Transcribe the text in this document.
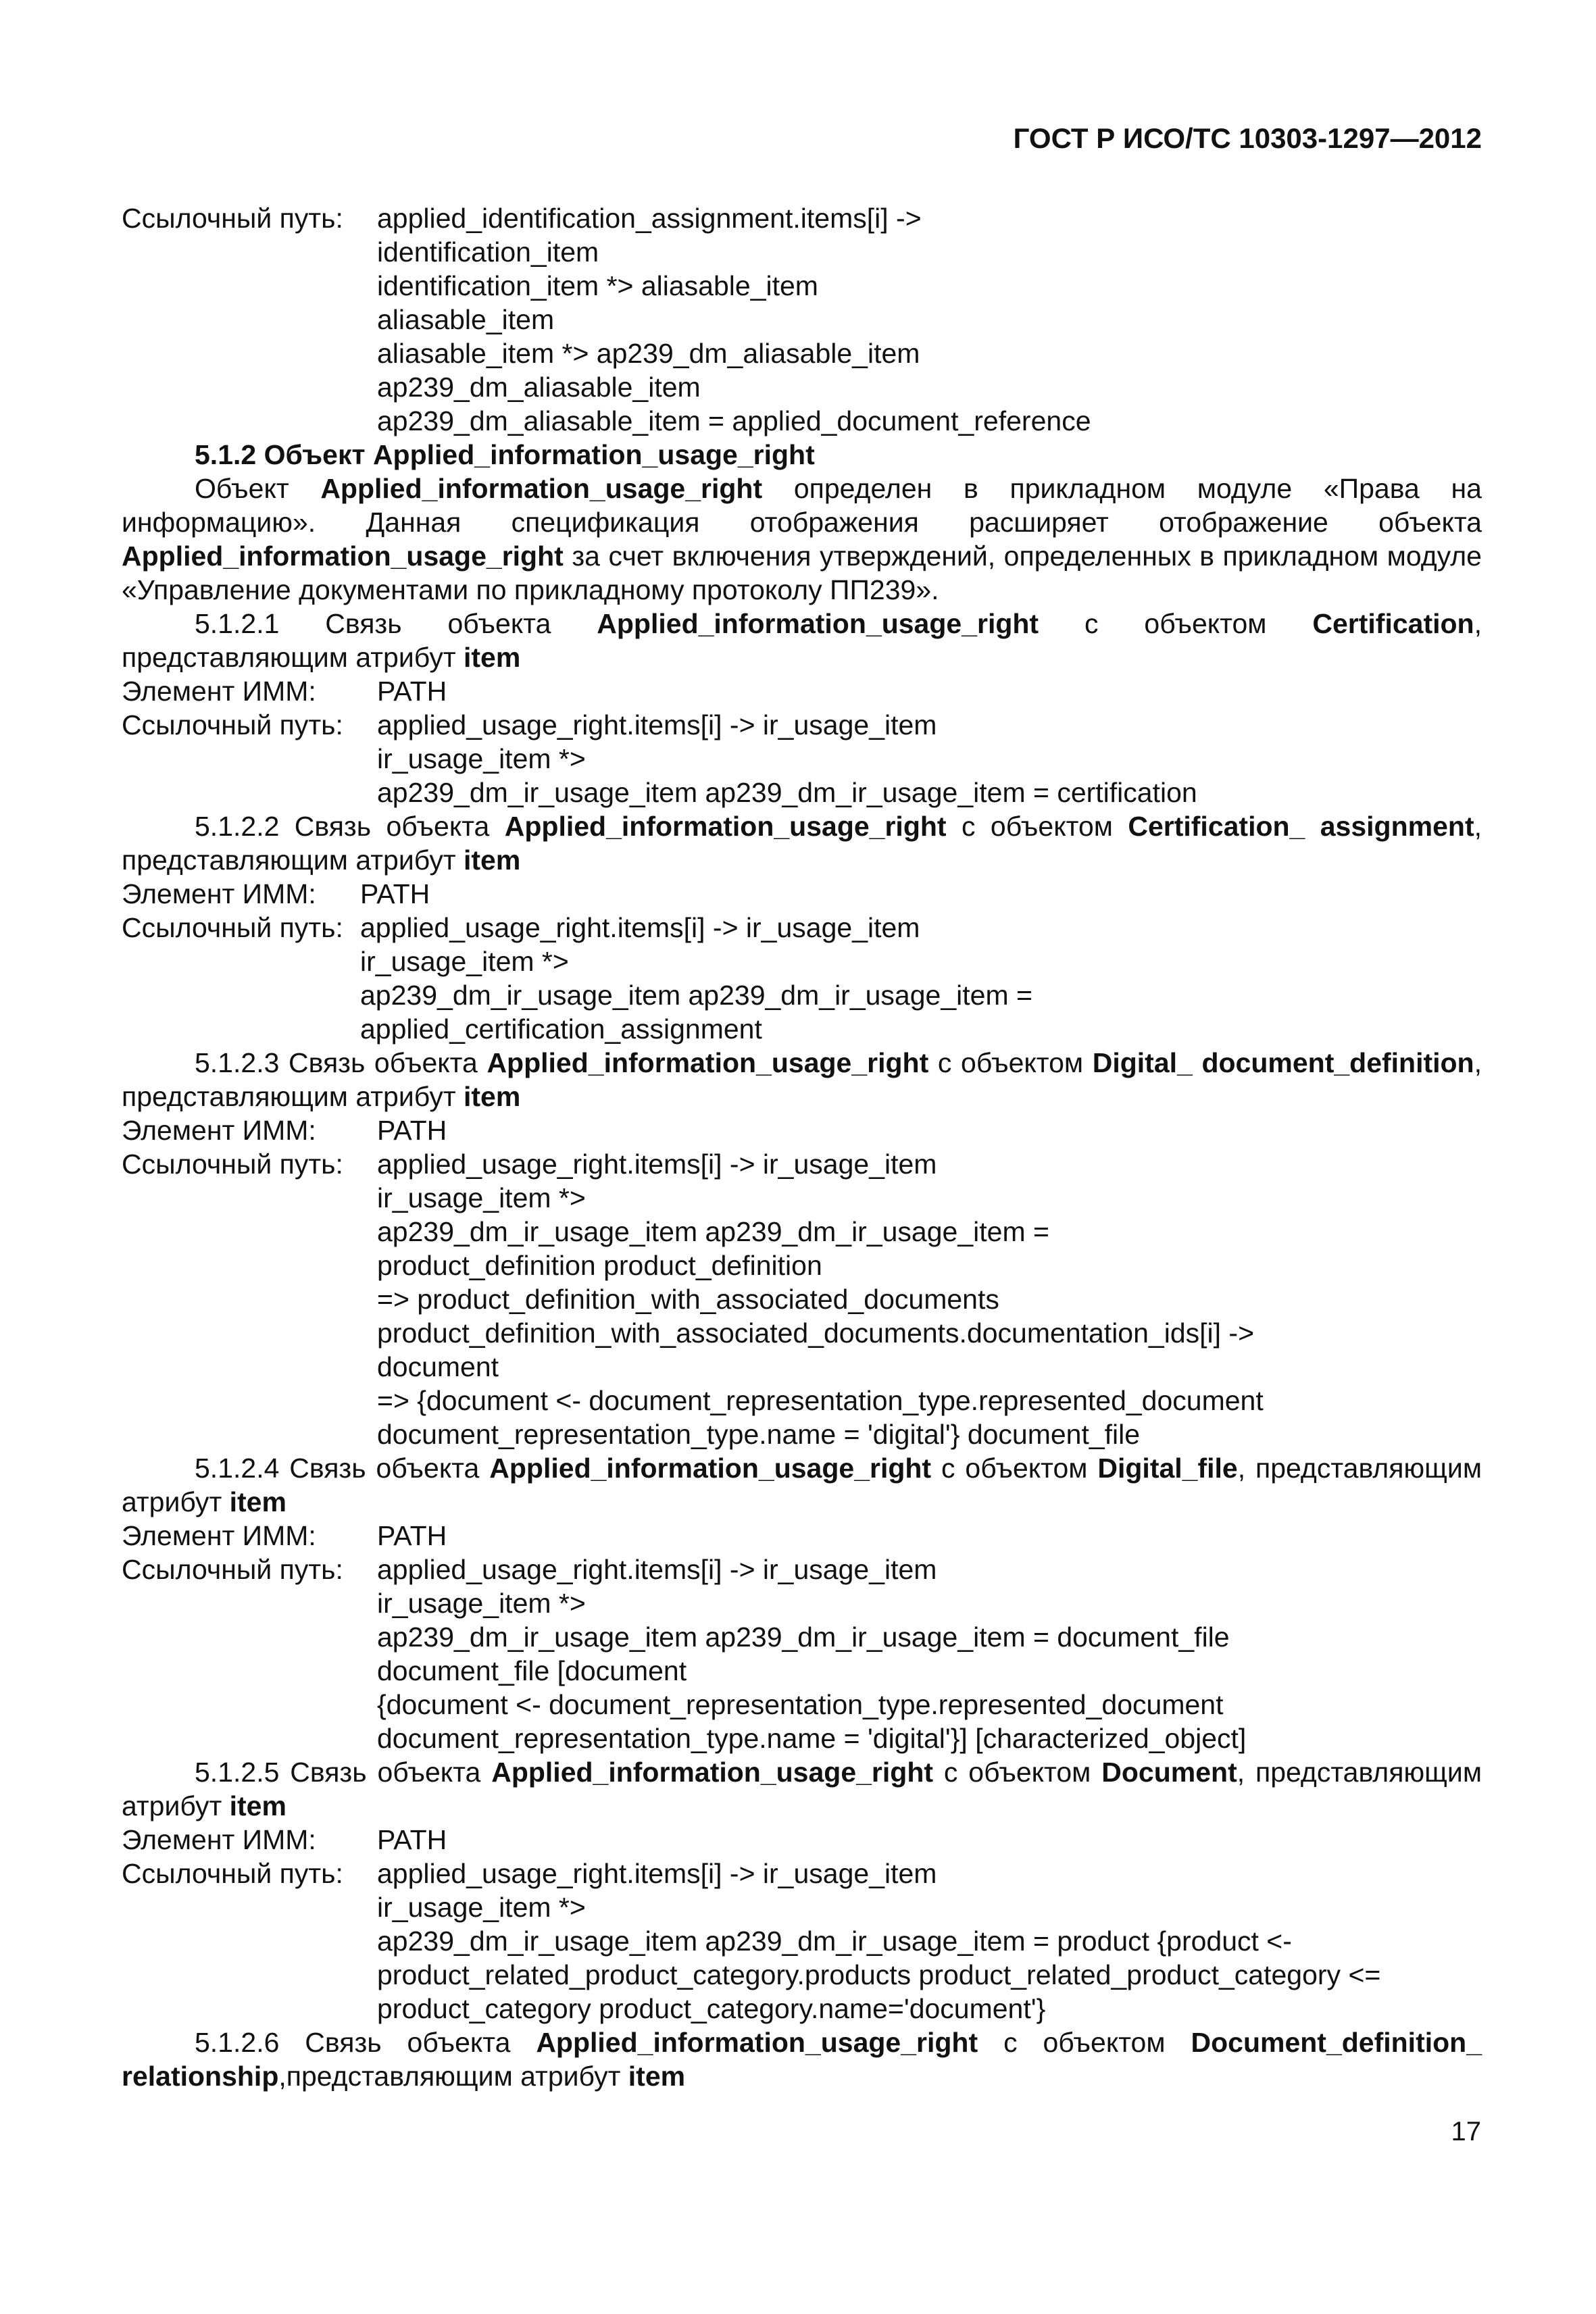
ГОСТ Р ИСО/ТС 10303-1297—2012
Ссылочный путь:	applied_identification_assignment.items[i] ->
identification_item
identification_item *> aliasable_item
aliasable_item
aliasable_item *> ap239_dm_aliasable_item
ap239_dm_aliasable_item
ap239_dm_aliasable_item = applied_document_reference
5.1.2 Объект Applied_information_usage_right
Объект Applied_information_usage_right определен в прикладном модуле «Права на информацию». Данная спецификация отображения расширяет отображение объекта Applied_information_usage_right за счет включения утверждений, определенных в прикладном модуле «Управление документами по прикладному протоколу ПП239».
5.1.2.1 Связь объекта Applied_information_usage_right с объектом Certification, представляющим атрибут item
Элемент ИММ:	PATH
Ссылочный путь:	applied_usage_right.items[i] -> ir_usage_item
ir_usage_item *>
ap239_dm_ir_usage_item ap239_dm_ir_usage_item = certification
5.1.2.2 Связь объекта Applied_information_usage_right с объектом Certification_ assignment, представляющим атрибут item
Элемент ИММ:	PATH
Ссылочный путь: applied_usage_right.items[i] -> ir_usage_item
ir_usage_item *>
ap239_dm_ir_usage_item ap239_dm_ir_usage_item =
applied_certification_assignment
5.1.2.3 Связь объекта Applied_information_usage_right с объектом Digital_ document_definition, представляющим атрибут item
Элемент ИММ:	PATH
Ссылочный путь:	applied_usage_right.items[i] -> ir_usage_item
ir_usage_item *>
ap239_dm_ir_usage_item ap239_dm_ir_usage_item =
product_definition product_definition
=> product_definition_with_associated_documents
product_definition_with_associated_documents.documentation_ids[i] ->
document
=> {document <- document_representation_type.represented_document
document_representation_type.name = 'digital'} document_file
5.1.2.4 Связь объекта Applied_information_usage_right с объектом Digital_file, представляющим атрибут item
Элемент ИММ:	PATH
Ссылочный путь:	applied_usage_right.items[i] -> ir_usage_item
ir_usage_item *>
ap239_dm_ir_usage_item ap239_dm_ir_usage_item = document_file
document_file [document
{document <- document_representation_type.represented_document
document_representation_type.name = 'digital'}] [characterized_object]
5.1.2.5 Связь объекта Applied_information_usage_right с объектом Document, представляющим атрибут item
Элемент ИММ:	PATH
Ссылочный путь:	applied_usage_right.items[i] -> ir_usage_item
ir_usage_item *>
ap239_dm_ir_usage_item ap239_dm_ir_usage_item = product {product <-
product_related_product_category.products product_related_product_category <=
product_category product_category.name='document'}
5.1.2.6 Связь объекта Applied_information_usage_right с объектом Document_definition_ relationship,представляющим атрибут item
17
